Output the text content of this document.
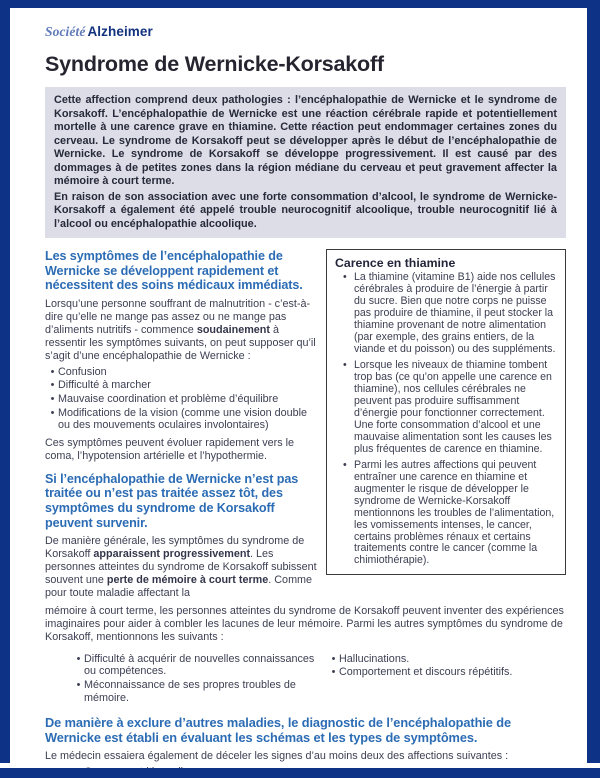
Société Alzheimer
Syndrome de Wernicke-Korsakoff

Cette affection comprend deux pathologies : l’encéphalopathie de Wernicke et le syndrome de Korsakoff. L’encéphalopathie de Wernicke est une réaction cérébrale rapide et potentiellement mortelle à une carence grave en thiamine. Cette réaction peut endommager certaines zones du cerveau. Le syndrome de Korsakoff peut se développer après le début de l’encéphalopathie de Wernicke. Le syndrome de Korsakoff se développe progressivement. Il est causé par des dommages à de petites zones dans la région médiane du cerveau et peut gravement affecter la mémoire à court terme.

En raison de son association avec une forte consommation d’alcool, le syndrome de Wernicke-Korsakoff a également été appelé trouble neurocognitif alcoolique, trouble neurocognitif lié à l’alcool ou encéphalopathie alcoolique.

Les symptômes de l’encéphalopathie de Wernicke se développent rapidement et nécessitent des soins médicaux immédiats.

Lorsqu’une personne souffrant de malnutrition - c’est-à-dire qu’elle ne mange pas assez ou ne mange pas d’aliments nutritifs - commence soudainement à ressentir les symptômes suivants, on peut supposer qu’il s’agit d’une encéphalopathie de Wernicke :

• Confusion
• Difficulté à marcher
• Mauvaise coordination et problème d’équilibre
• Modifications de la vision (comme une vision double ou des mouvements oculaires involontaires)

Ces symptômes peuvent évoluer rapidement vers le coma, l’hypotension artérielle et l’hypothermie.

Si l’encéphalopathie de Wernicke n’est pas traitée ou n’est pas traitée assez tôt, des symptômes du syndrome de Korsakoff peuvent survenir.

De manière générale, les symptômes du syndrome de Korsakoff apparaissent progressivement. Les personnes atteintes du syndrome de Korsakoff subissent souvent une perte de mémoire à court terme. Comme pour toute maladie affectant la

Carence en thiamine
• La thiamine (vitamine B1) aide nos cellules cérébrales à produire de l’énergie à partir du sucre. Bien que notre corps ne puisse pas produire de thiamine, il peut stocker la thiamine provenant de notre alimentation (par exemple, des grains entiers, de la viande et du poisson) ou des suppléments.
• Lorsque les niveaux de thiamine tombent trop bas (ce qu’on appelle une carence en thiamine), nos cellules cérébrales ne peuvent pas produire suffisamment d’énergie pour fonctionner correctement. Une forte consommation d’alcool et une mauvaise alimentation sont les causes les plus fréquentes de carence en thiamine.
• Parmi les autres affections qui peuvent entraîner une carence en thiamine et augmenter le risque de développer le syndrome de Wernicke-Korsakoff mentionnons les troubles de l’alimentation, les vomissements intenses, le cancer, certains problèmes rénaux et certains traitements contre le cancer (comme la chimiothérapie).

mémoire à court terme, les personnes atteintes du syndrome de Korsakoff peuvent inventer des expériences imaginaires pour aider à combler les lacunes de leur mémoire. Parmi les autres symptômes du syndrome de Korsakoff, mentionnons les suivants :

• Difficulté à acquérir de nouvelles connaissances ou compétences.
• Méconnaissance de ses propres troubles de mémoire.
• Hallucinations.
• Comportement et discours répétitifs.
De manière à exclure d’autres maladies, le diagnostic de l’encéphalopathie de Wernicke est établi en évaluant les schémas et les types de symptômes.

Le médecin essaiera également de déceler les signes d’au moins deux des affections suivantes :
